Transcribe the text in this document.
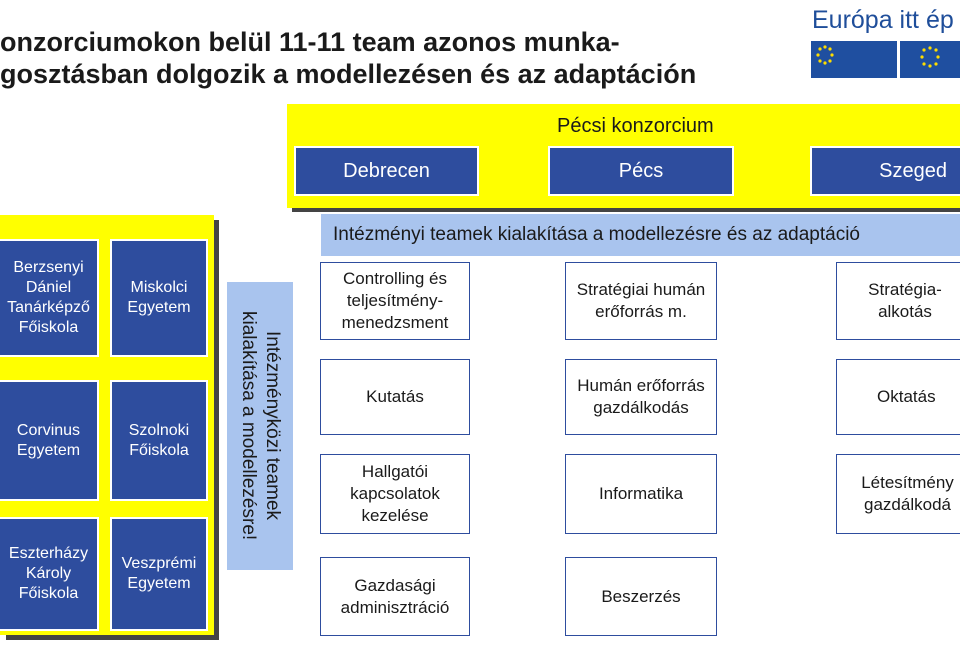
onzorciumokon belül 11-11 team azonos munka-
gosztásban dolgozik a modellezésen és az adaptáción
Európa itt ép
EURÓPA TERV
Pécsi konzorcium
Debrecen	Pécs	Szeged
Berzsenyi Dániel Tanárképző Főiskola
Corvinus Egyetem
Eszterházy Károly Főiskola
Miskolci Egyetem
Szolnoki Főiskola
Veszprémi Egyetem
Intézményközi teamek
kialakítása a modellezésre!
Intézményi teamek kialakítása a modellezésre és az adaptáció
Controlling és teljesítmény-menedzsment
Kutatás
Hallgatói kapcsolatok kezelése
Gazdasági adminisztráció
Stratégiai humán erőforrás m.
Humán erőforrás gazdálkodás
Informatika
Beszerzés
Stratégia-alkotás
Oktatás
Létesítmény gazdálkodá
